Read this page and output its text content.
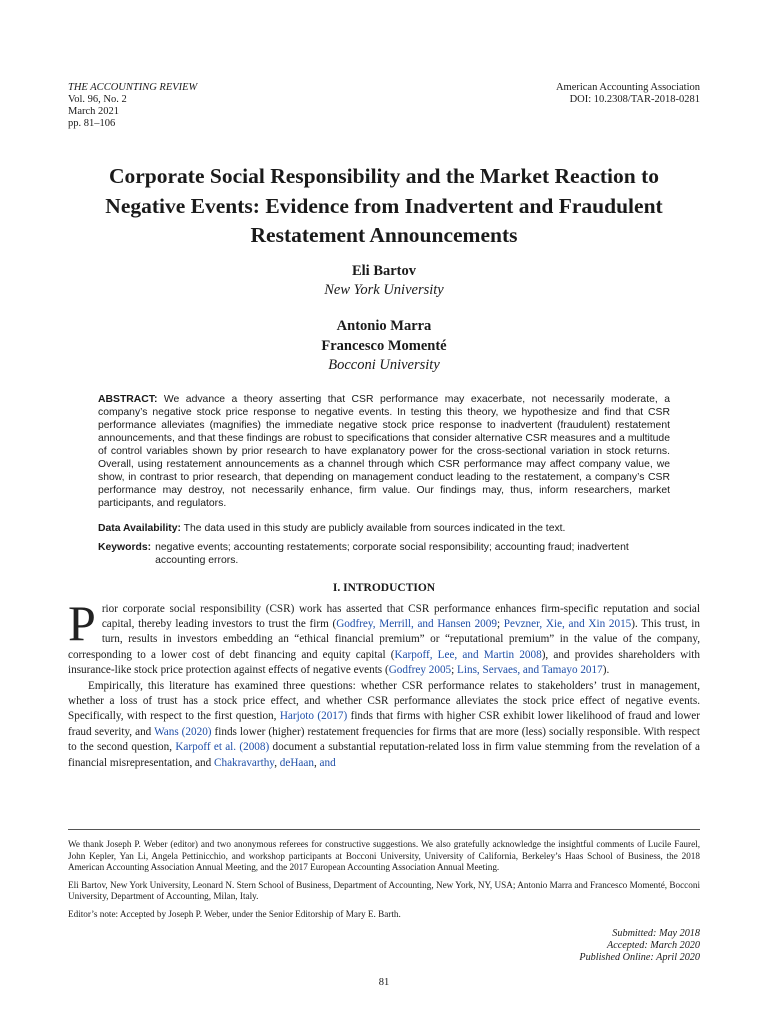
THE ACCOUNTING REVIEW
Vol. 96, No. 2
March 2021
pp. 81–106
American Accounting Association
DOI: 10.2308/TAR-2018-0281
Corporate Social Responsibility and the Market Reaction to Negative Events: Evidence from Inadvertent and Fraudulent Restatement Announcements
Eli Bartov
New York University
Antonio Marra
Francesco Momenté
Bocconi University
ABSTRACT: We advance a theory asserting that CSR performance may exacerbate, not necessarily moderate, a company’s negative stock price response to negative events. In testing this theory, we hypothesize and find that CSR performance alleviates (magnifies) the immediate negative stock price response to inadvertent (fraudulent) restatement announcements, and that these findings are robust to specifications that consider alternative CSR measures and a multitude of control variables shown by prior research to have explanatory power for the cross-sectional variation in stock returns. Overall, using restatement announcements as a channel through which CSR performance may affect company value, we show, in contrast to prior research, that depending on management conduct leading to the restatement, a company’s CSR performance may destroy, not necessarily enhance, firm value. Our findings may, thus, inform researchers, market participants, and regulators.
Data Availability: The data used in this study are publicly available from sources indicated in the text.
Keywords: negative events; accounting restatements; corporate social responsibility; accounting fraud; inadvertent accounting errors.
I. INTRODUCTION

Prior corporate social responsibility (CSR) work has asserted that CSR performance enhances firm-specific reputation and social capital, thereby leading investors to trust the firm (Godfrey, Merrill, and Hansen 2009; Pevzner, Xie, and Xin 2015). This trust, in turn, results in investors embedding an “ethical financial premium” or “reputational premium” in the value of the company, corresponding to a lower cost of debt financing and equity capital (Karpoff, Lee, and Martin 2008), and provides shareholders with insurance-like stock price protection against effects of negative events (Godfrey 2005; Lins, Servaes, and Tamayo 2017).

Empirically, this literature has examined three questions: whether CSR performance relates to stakeholders’ trust in management, whether a loss of trust has a stock price effect, and whether CSR performance alleviates the stock price effect of negative events. Specifically, with respect to the first question, Harjoto (2017) finds that firms with higher CSR exhibit lower likelihood of fraud and lower fraud severity, and Wans (2020) finds lower (higher) restatement frequencies for firms that are more (less) socially responsible. With respect to the second question, Karpoff et al. (2008) document a substantial reputation-related loss in firm value stemming from the revelation of a financial misrepresentation, and Chakravarthy, deHaan, and

We thank Joseph P. Weber (editor) and two anonymous referees for constructive suggestions. We also gratefully acknowledge the insightful comments of Lucile Faurel, John Kepler, Yan Li, Angela Pettinicchio, and workshop participants at Bocconi University, University of California, Berkeley’s Haas School of Business, the 2018 American Accounting Association Annual Meeting, and the 2017 European Accounting Association Annual Meeting.

Eli Bartov, New York University, Leonard N. Stern School of Business, Department of Accounting, New York, NY, USA; Antonio Marra and Francesco Momenté, Bocconi University, Department of Accounting, Milan, Italy.

Editor’s note: Accepted by Joseph P. Weber, under the Senior Editorship of Mary E. Barth.

Submitted: May 2018
Accepted: March 2020
Published Online: April 2020
81
